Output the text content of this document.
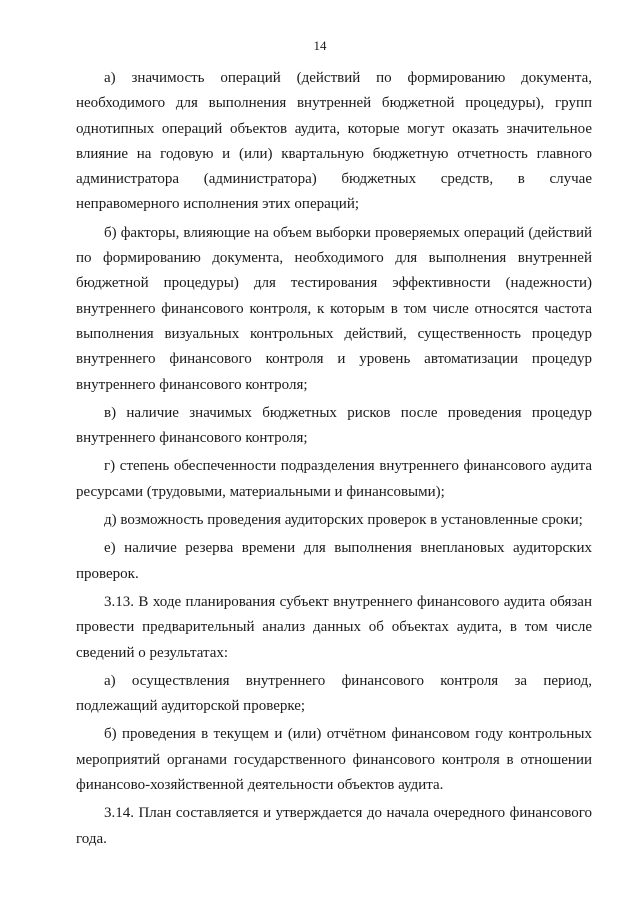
14

а) значимость операций (действий по формированию документа, необходимого для выполнения внутренней бюджетной процедуры), групп однотипных операций объектов аудита, которые могут оказать значительное влияние на годовую и (или) квартальную бюджетную отчетность главного администратора (администратора) бюджетных средств, в случае неправомерного исполнения этих операций;

б) факторы, влияющие на объем выборки проверяемых операций (действий по формированию документа, необходимого для выполнения внутренней бюджетной процедуры) для тестирования эффективности (надежности) внутреннего финансового контроля, к которым в том числе относятся частота выполнения визуальных контрольных действий, существенность процедур внутреннего финансового контроля и уровень автоматизации процедур внутреннего финансового контроля;

в) наличие значимых бюджетных рисков после проведения процедур внутреннего финансового контроля;

г) степень обеспеченности подразделения внутреннего финансового аудита ресурсами (трудовыми, материальными и финансовыми);

д) возможность проведения аудиторских проверок в установленные сроки;

е) наличие резерва времени для выполнения внеплановых аудиторских проверок.

3.13. В ходе планирования субъект внутреннего финансового аудита обязан провести предварительный анализ данных об объектах аудита, в том числе сведений о результатах:

а) осуществления внутреннего финансового контроля за период, подлежащий аудиторской проверке;

б) проведения в текущем и (или) отчётном финансовом году контрольных мероприятий органами государственного финансового контроля в отношении финансово-хозяйственной деятельности объектов аудита.

3.14. План составляется и утверждается до начала очередного финансового года.
